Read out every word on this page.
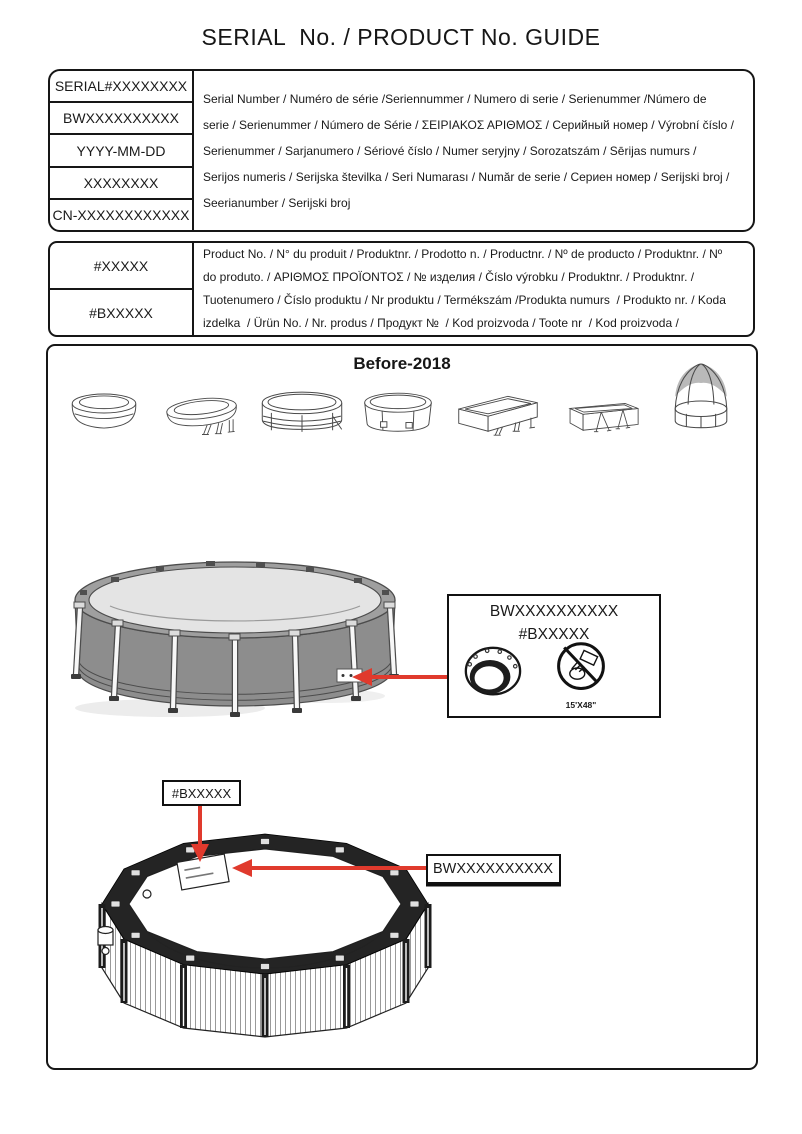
SERIAL  No. / PRODUCT No. GUIDE
SERIAL#XXXXXXXX
BWXXXXXXXXXX
YYYY-MM-DD
XXXXXXXX
CN-XXXXXXXXXXXX
Serial Number / Numéro de série /Seriennummer / Numero di serie / Serienummer /Número de
serie / Serienummer / Número de Série / ΣΕΙΡΙΑΚΟΣ ΑΡΙΘΜΟΣ / Серийный номер / Výrobní číslo /
Serienummer / Sarjanumero / Sériové číslo / Numer seryjny / Sorozatszám / Sērijas numurs /
Serijos numeris / Serijska številka / Seri Numarası / Număr de serie / Сериен номер / Serijski broj /
Seerianumber / Serijski broj
#XXXXX
#BXXXXX
Product No. / N° du produit / Produktnr. / Prodotto n. / Productnr. / Nº de producto / Produktnr. / Nº
do produto. / ΑΡΙΘΜΟΣ ΠΡΟΪΟΝΤΟΣ / № изделия / Číslo výrobku / Produktnr. / Produktnr. /
Tuotenumero / Číslo produktu / Nr produktu / Termékszám /Produkta numurs  / Produkto nr. / Koda
izdelka  / Ürün No. / Nr. produs / Продукт №  / Kod proizvoda / Toote nr  / Kod proizvoda /
Before-2018
BWXXXXXXXXXX
#BXXXXX
15'X48"
#BXXXXX
BWXXXXXXXXXX
